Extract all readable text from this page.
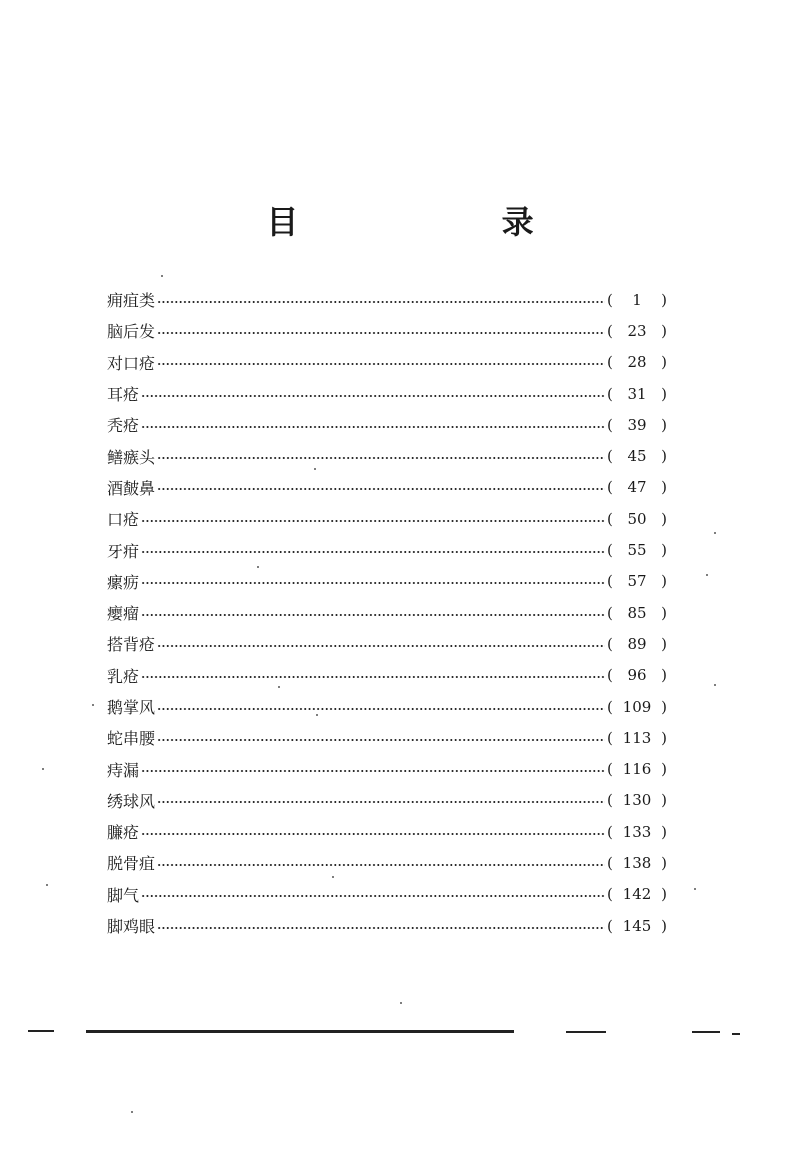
目 录
痈疽类	(	1	)
脑后发	( 23 )
对口疮	( 28 )
耳疮	( 31 )
秃疮	( 39 )
鳝瘯头	( 45 )
酒皶鼻	( 47 )
口疮	( 50 )
牙疳	( 55 )
瘰疬	( 57 )
瘿瘤	( 85 )
搭背疮	( 89 )
乳疮	( 96 )
鹅掌风	( 109 )
蛇串腰	( 113 )
痔漏	( 116 )
绣球风	( 130 )
臁疮	( 133 )
脱骨疽	( 138 )
脚气	( 142 )
脚鸡眼	( 145 )
